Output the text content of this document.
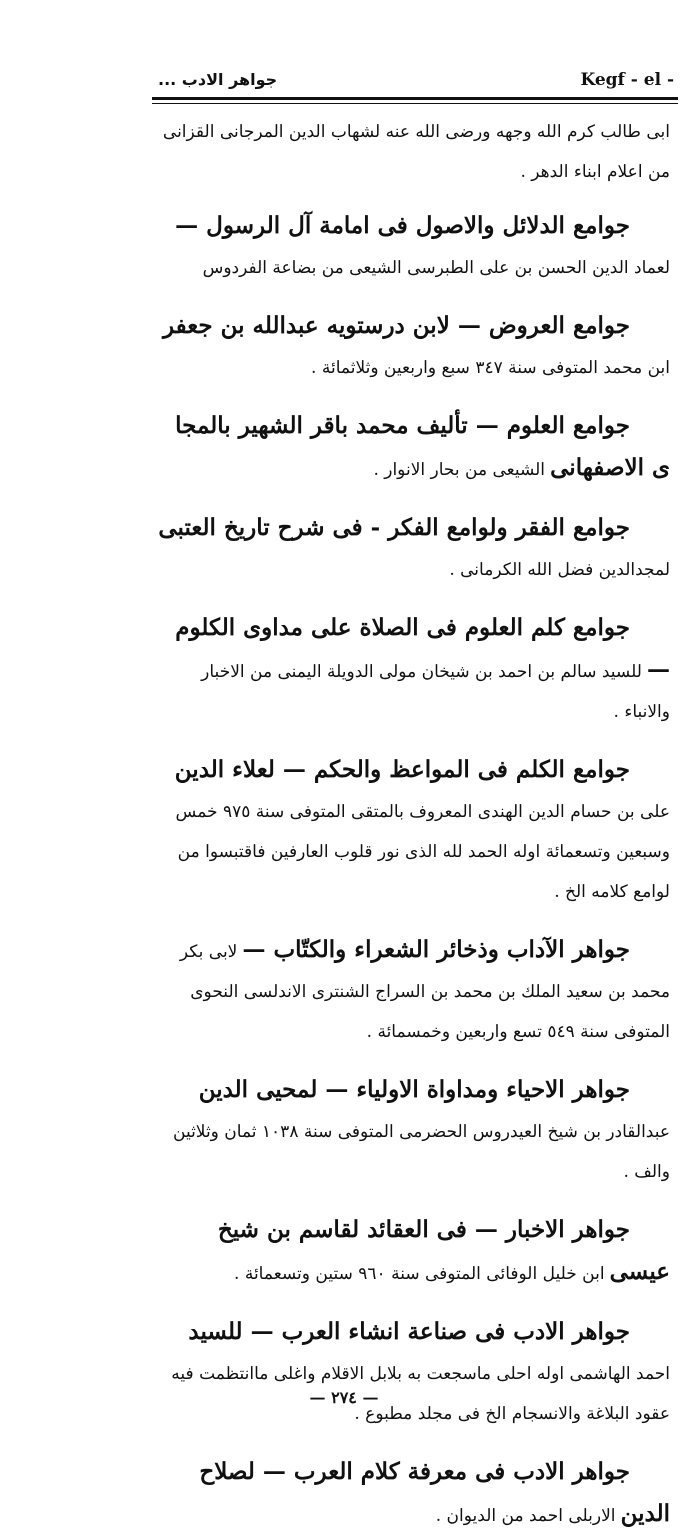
جواهر الادب ...	Kegf - el -
ابى طالب كرم الله وجهه ورضى الله عنه لشهاب الدين المرجانى القزانى من اعلام ابناء الدهر .
جوامع الدلائل والاصول فى امامة آل الرسول — لعماد الدين الحسن بن على الطبرسى الشيعى من بضاعة الفردوس
جوامع العروض — لابن درستويه عبدالله بن جعفر ابن محمد المتوفى سنة ٣٤٧ سبع واربعين وثلاثمائة .
جوامع العلوم — تأليف محمد باقر الشهير بالمجا ى الاصفهانى الشيعى من بحار الانوار .
جوامع الفقر ولوامع الفكر - فى شرح تاريخ العتبى لمجدالدين فضل الله الكرمانى .
جوامع كلم العلوم فى الصلاة على مداوى الكلوم — للسيد سالم بن احمد بن شيخان مولى الدويلة اليمنى من الاخبار والانباء .
جوامع الكلم فى المواعظ والحكم — لعلاء الدين على بن حسام الدين الهندى المعروف بالمتقى المتوفى سنة ٩٧٥ خمس وسبعين وتسعمائة اوله الحمد لله الذى نور قلوب العارفين فاقتبسوا من لوامع كلامه الخ .
جواهر الآداب وذخائر الشعراء والكتّاب — لابى بكر محمد بن سعيد الملك بن محمد بن السراج الشنترى الاندلسى النحوى المتوفى سنة ٥٤٩ تسع واربعين وخمسمائة .
جواهر الاحياء ومداواة الاولياء — لمحيى الدين عبدالقادر بن شيخ العيدروس الحضرمى المتوفى سنة ١٠٣٨ ثمان وثلاثين والف .
جواهر الاخبار — فى العقائد لقاسم بن شيخ عيسى ابن خليل الوفائى المتوفى سنة ٩٦٠ ستين وتسعمائة .
جواهر الادب فى صناعة انشاء العرب — للسيد احمد الهاشمى اوله احلى ماسجعت به بلابل الاقلام واغلى ماانتظمت فيه عقود البلاغة والانسجام الخ فى مجلد مطبوع .
جواهر الادب فى معرفة كلام العرب — لصلاح الدين الاربلى احمد من الديوان .
— ٢٧٤ —
